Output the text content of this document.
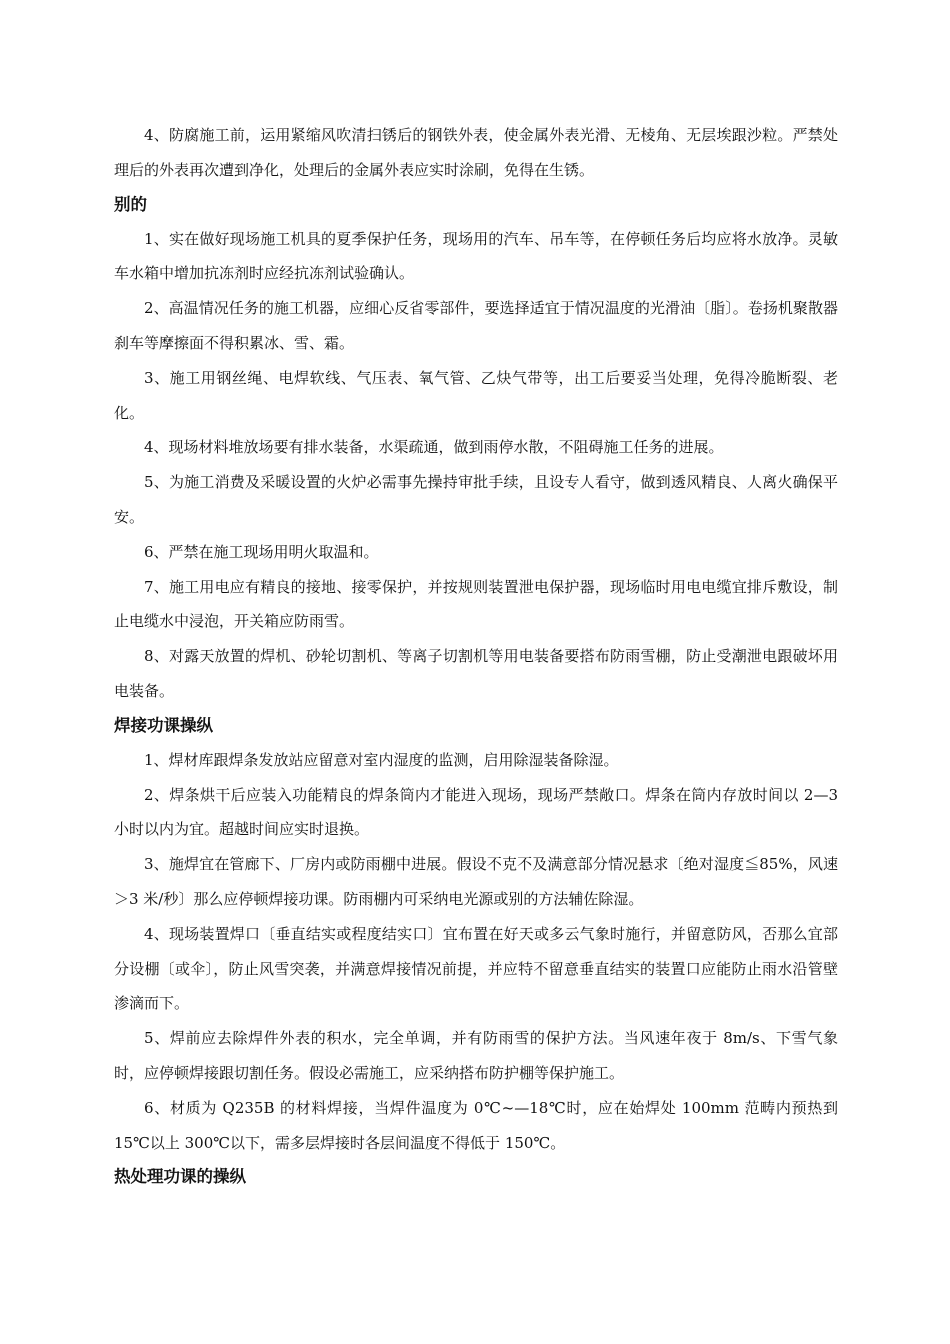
4、防腐施工前，运用紧缩风吹清扫锈后的钢铁外表，使金属外表光滑、无棱角、无层埃跟沙粒。严禁处理后的外表再次遭到净化，处理后的金属外表应实时涂刷，免得在生锈。

别的

1、实在做好现场施工机具的夏季保护任务，现场用的汽车、吊车等，在停顿任务后均应将水放净。灵敏车水箱中增加抗冻剂时应经抗冻剂试验确认。

2、高温情况任务的施工机器，应细心反省零部件，要选择适宜于情况温度的光滑油〔脂〕。卷扬机聚散器刹车等摩擦面不得积累冰、雪、霜。

3、施工用钢丝绳、电焊软线、气压表、氧气管、乙炔气带等，出工后要妥当处理，免得冷脆断裂、老化。

4、现场材料堆放场要有排水装备，水渠疏通，做到雨停水散，不阻碍施工任务的进展。

5、为施工消费及采暖设置的火炉必需事先操持审批手续，且设专人看守，做到透风精良、人离火确保平安。

6、严禁在施工现场用明火取温和。

7、施工用电应有精良的接地、接零保护，并按规则装置泄电保护器，现场临时用电电缆宜排斥敷设，制止电缆水中浸泡，开关箱应防雨雪。

8、对露天放置的焊机、砂轮切割机、等离子切割机等用电装备要搭布防雨雪棚，防止受潮泄电跟破坏用电装备。

焊接功课操纵

1、焊材库跟焊条发放站应留意对室内湿度的监测，启用除湿装备除湿。

2、焊条烘干后应装入功能精良的焊条筒内才能进入现场，现场严禁敞口。焊条在筒内存放时间以 2—3 小时以内为宜。超越时间应实时退换。

3、施焊宜在管廊下、厂房内或防雨棚中进展。假设不克不及满意部分情况悬求〔绝对湿度≦85%，风速＞3 米/秒〕那么应停顿焊接功课。防雨棚内可采纳电光源或别的方法辅佐除湿。

4、现场装置焊口〔垂直结实或程度结实口〕宜布置在好天或多云气象时施行，并留意防风，否那么宜部分设棚〔或伞〕，防止风雪突袭，并满意焊接情况前提，并应特不留意垂直结实的装置口应能防止雨水沿管壁渗滴而下。

5、焊前应去除焊件外表的积水，完全单调，并有防雨雪的保护方法。当风速年夜于 8m/s、下雪气象时，应停顿焊接跟切割任务。假设必需施工，应采纳搭布防护棚等保护施工。

6、材质为 Q235B 的材料焊接，当焊件温度为 0℃~—18℃时，应在始焊处 100mm 范畴内预热到 15℃以上 300℃以下，需多层焊接时各层间温度不得低于 150℃。

热处理功课的操纵
